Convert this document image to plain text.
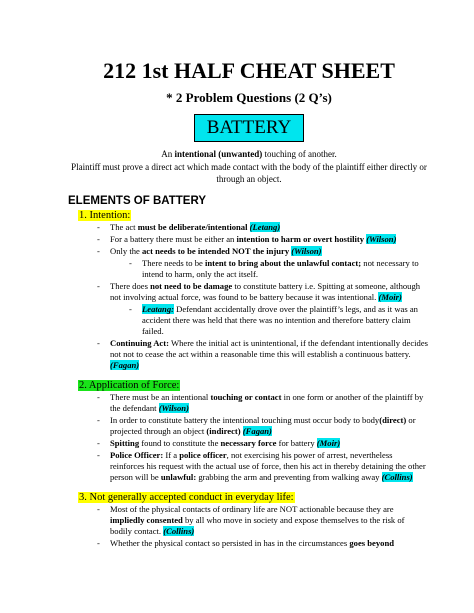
212 1st HALF CHEAT SHEET
* 2 Problem Questions (2 Q’s)
BATTERY
An intentional (unwanted) touching of another.
Plaintiff must prove a direct act which made contact with the body of the plaintiff either directly or through an object.
ELEMENTS OF BATTERY
1. Intention:
- The act must be deliberate/intentional (Letang)
- For a battery there must be either an intention to harm or overt hostility (Wilson)
- Only the act needs to be intended NOT the injury (Wilson)
- There needs to be intent to bring about the unlawful contact; not necessary to intend to harm, only the act itself.
- There does not need to be damage to constitute battery i.e. Spitting at someone, although not involving actual force, was found to be battery because it was intentional. (Moir)
- Leatang: Defendant accidentally drove over the plaintiff’s legs, and as it was an accident there was held that there was no intention and therefore battery claim failed.
- Continuing Act: Where the initial act is unintentional, if the defendant intentionally decides not not to cease the act within a reasonable time this will establish a continuous battery. (Fagan)
2. Application of Force:
- There must be an intentional touching or contact in one form or another of the plaintiff by the defendant (Wilson)
- In order to constitute battery the intentional touching must occur body to body(direct) or projected through an object (indirect) (Fagan)
- Spitting found to constitute the necessary force for battery (Moir)
- Police Officer: If a police officer, not exercising his power of arrest, nevertheless reinforces his request with the actual use of force, then his act in thereby detaining the other person will be unlawful: grabbing the arm and preventing from walking away (Collins)
3. Not generally accepted conduct in everyday life:
- Most of the physical contacts of ordinary life are NOT actionable because they are impliedly consented by all who move in society and expose themselves to the risk of bodily contact. (Collins)
- Whether the physical contact so persisted in has in the circumstances goes beyond
